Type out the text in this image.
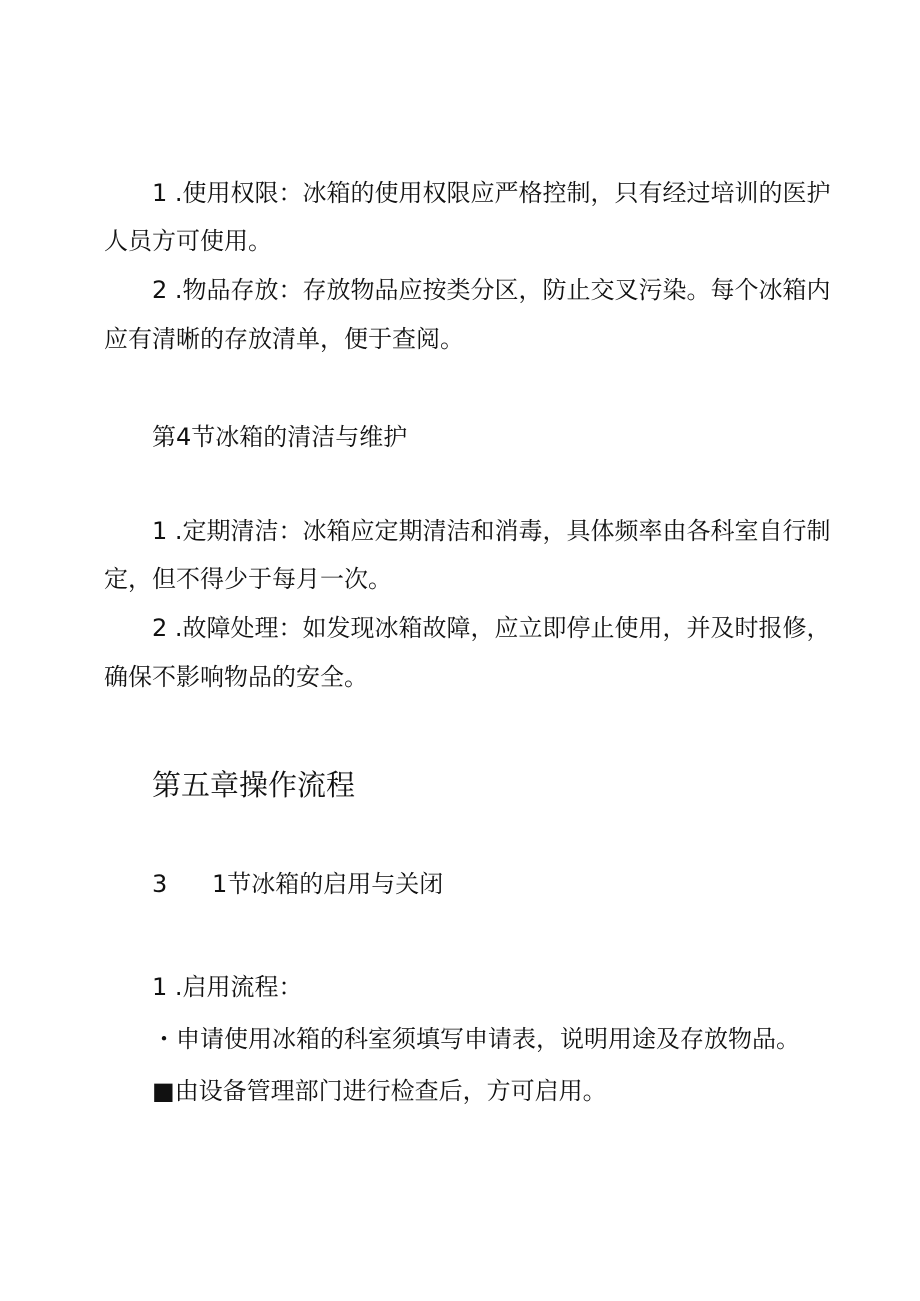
1 .使用权限：冰箱的使用权限应严格控制，只有经过培训的医护
人员方可使用。
2 .物品存放：存放物品应按类分区，防止交叉污染。每个冰箱内
应有清晰的存放清单，便于查阅。
第4节冰箱的清洁与维护
1 .定期清洁：冰箱应定期清洁和消毒，具体频率由各科室自行制
定，但不得少于每月一次。
2 .故障处理：如发现冰箱故障，应立即停止使用，并及时报修，
确保不影响物品的安全。
第五章操作流程
3 1节冰箱的启用与关闭
1 .启用流程：
・申请使用冰箱的科室须填写申请表，说明用途及存放物品。
■由设备管理部门进行检查后，方可启用。
